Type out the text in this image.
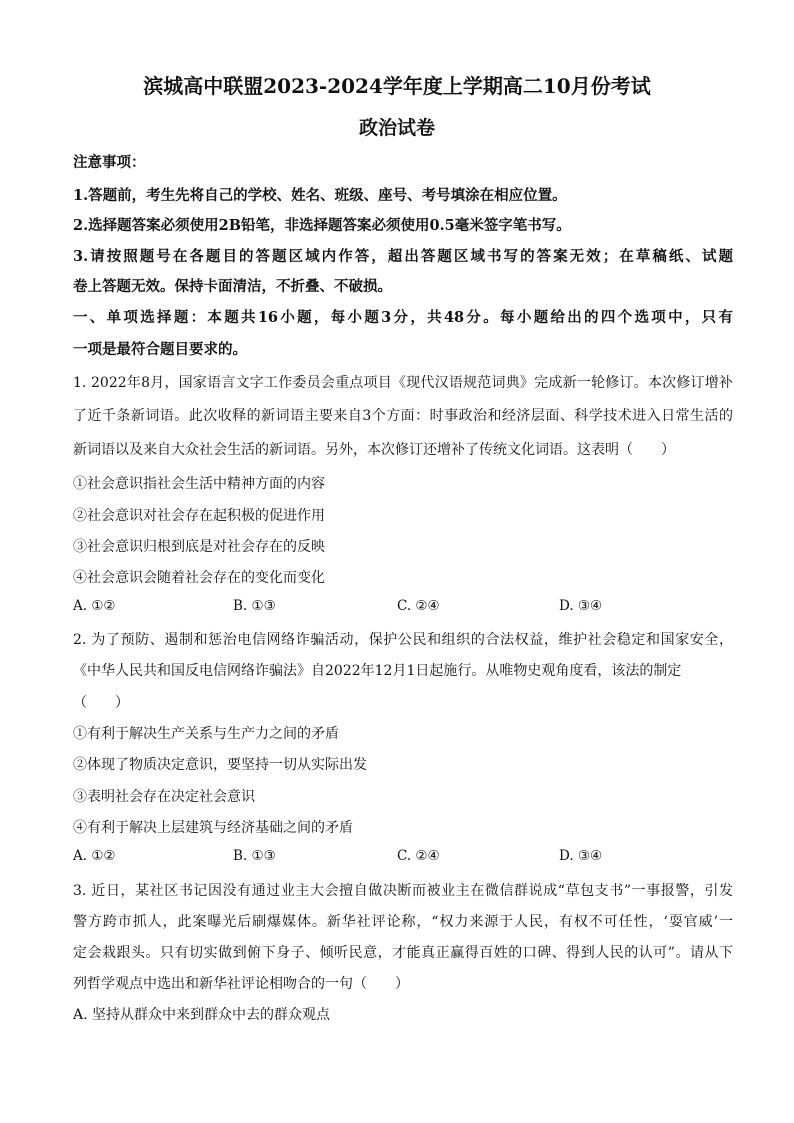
滨城高中联盟2023-2024学年度上学期高二10月份考试
政治试卷
注意事项：
1.答题前，考生先将自己的学校、姓名、班级、座号、考号填涂在相应位置。
2.选择题答案必须使用2B铅笔，非选择题答案必须使用0.5毫米签字笔书写。
3.请按照题号在各题目的答题区域内作答，超出答题区域书写的答案无效；在草稿纸、试题
卷上答题无效。保持卡面清洁，不折叠、不破损。
一、单项选择题：本题共16小题，每小题3分，共48分。每小题给出的四个选项中，只有
一项是最符合题目要求的。
1. 2022年8月，国家语言文字工作委员会重点项目《现代汉语规范词典》完成新一轮修订。本次修订增补
了近千条新词语。此次收释的新词语主要来自3个方面：时事政治和经济层面、科学技术进入日常生活的
新词语以及来自大众社会生活的新词语。另外，本次修订还增补了传统文化词语。这表明（　　）
①社会意识指社会生活中精神方面的内容
②社会意识对社会存在起积极的促进作用
③社会意识归根到底是对社会存在的反映
④社会意识会随着社会存在的变化而变化
A. ①②	B. ①③	C. ②④	D. ③④
2. 为了预防、遏制和惩治电信网络诈骗活动，保护公民和组织的合法权益，维护社会稳定和国家安全，
《中华人民共和国反电信网络诈骗法》自2022年12月1日起施行。从唯物史观角度看，该法的制定
（　　）
①有利于解决生产关系与生产力之间的矛盾
②体现了物质决定意识，要坚持一切从实际出发
③表明社会存在决定社会意识
④有利于解决上层建筑与经济基础之间的矛盾
A. ①②	B. ①③	C. ②④	D. ③④
3. 近日，某社区书记因没有通过业主大会擅自做决断而被业主在微信群说成“草包支书”一事报警，引发
警方跨市抓人，此案曝光后刷爆媒体。新华社评论称，“权力来源于人民，有权不可任性，‘耍官威’一
定会栽跟头。只有切实做到俯下身子、倾听民意，才能真正赢得百姓的口碑、得到人民的认可”。请从下
列哲学观点中选出和新华社评论相吻合的一句（　　）
A. 坚持从群众中来到群众中去的群众观点
